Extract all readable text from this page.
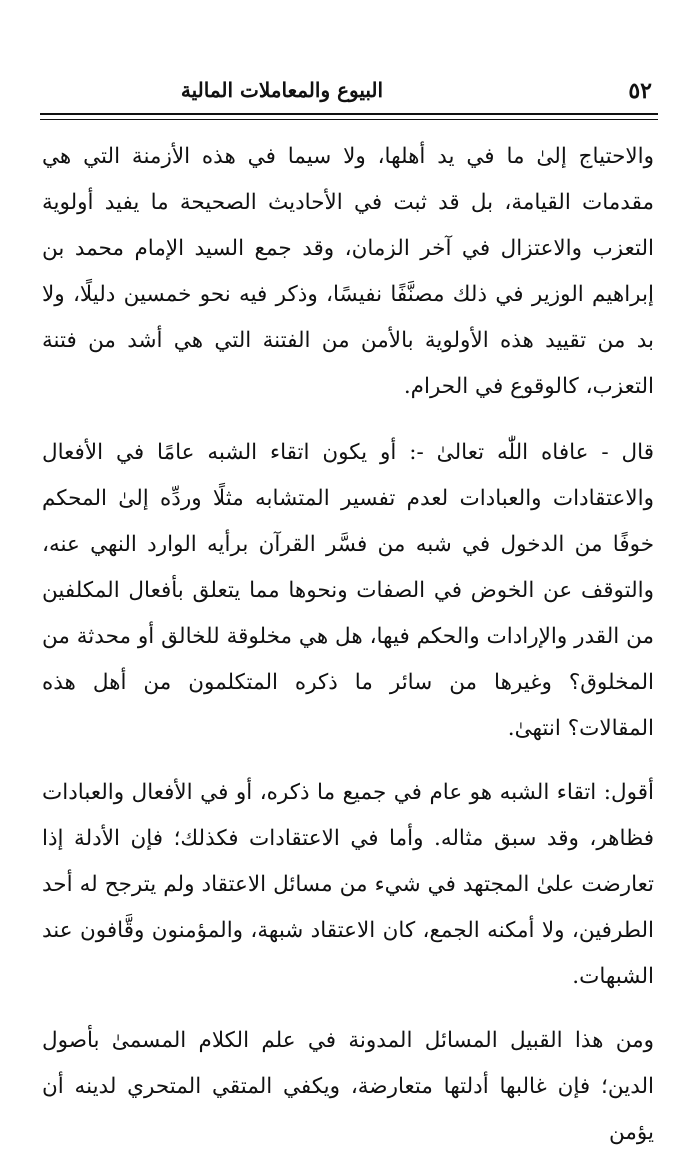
٥٢
البيوع والمعاملات المالية

والاحتياج إلىٰ ما في يد أهلها، ولا سيما في هذه الأزمنة التي هي مقدمات القيامة، بل قد ثبت في الأحاديث الصحيحة ما يفيد أولوية التعزب والاعتزال في آخر الزمان، وقد جمع السيد الإمام محمد بن إبراهيم الوزير في ذلك مصنَّفًا نفيسًا، وذكر فيه نحو خمسين دليلًا، ولا بد من تقييد هذه الأولوية بالأمن من الفتنة التي هي أشد من فتنة التعزب، كالوقوع في الحرام.

قال - عافاه اللّٰه تعالىٰ -: أو يكون اتقاء الشبه عامًا في الأفعال والاعتقادات والعبادات لعدم تفسير المتشابه مثلًا وردِّه إلىٰ المحكم خوفًا من الدخول في شبه من فسَّر القرآن برأيه الوارد النهي عنه، والتوقف عن الخوض في الصفات ونحوها مما يتعلق بأفعال المكلفين من القدر والإرادات والحكم فيها، هل هي مخلوقة للخالق أو محدثة من المخلوق؟ وغيرها من سائر ما ذكره المتكلمون من أهل هذه المقالات؟ انتهىٰ.

أقول: اتقاء الشبه هو عام في جميع ما ذكره، أو في الأفعال والعبادات فظاهر، وقد سبق مثاله. وأما في الاعتقادات فكذلك؛ فإن الأدلة إذا تعارضت علىٰ المجتهد في شيء من مسائل الاعتقاد ولم يترجح له أحد الطرفين، ولا أمكنه الجمع، كان الاعتقاد شبهة، والمؤمنون وقَّافون عند الشبهات.

ومن هذا القبيل المسائل المدونة في علم الكلام المسمىٰ بأصول الدين؛ فإن غالبها أدلتها متعارضة، ويكفي المتقي المتحري لدينه أن يؤمن
